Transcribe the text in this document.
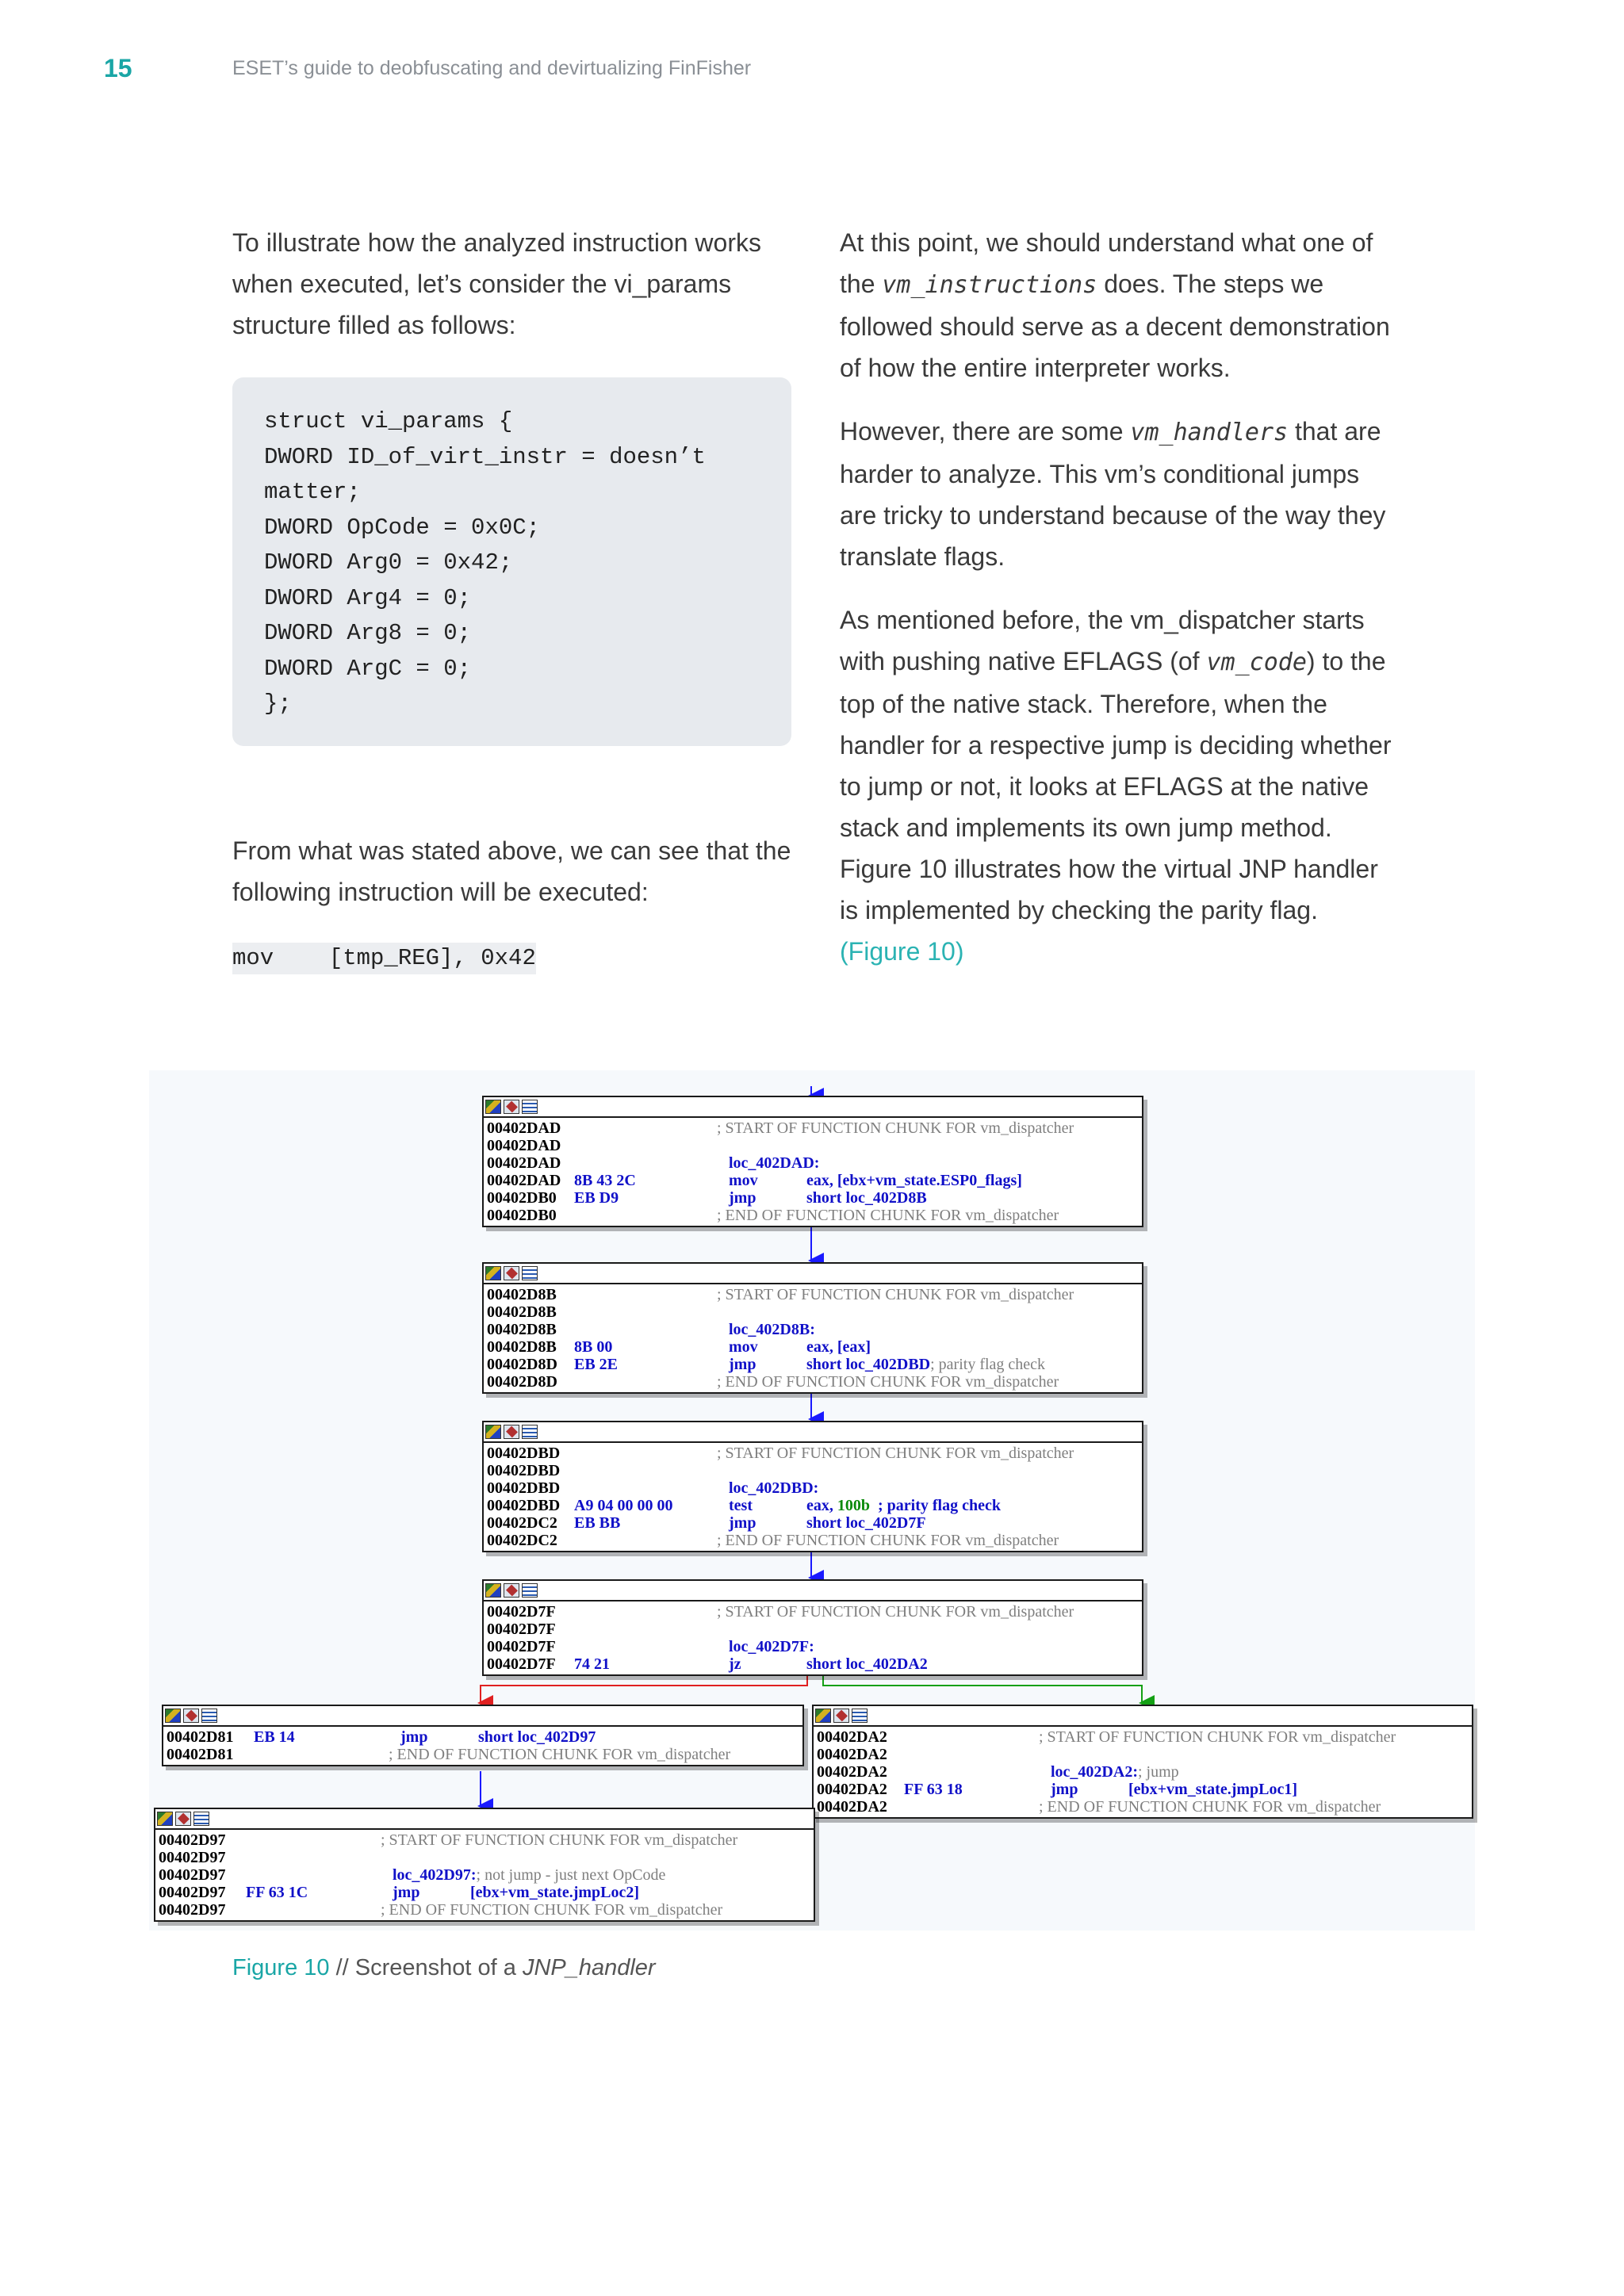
15	ESET’s guide to deobfuscating and devirtualizing FinFisher

To illustrate how the analyzed instruction works when executed, let’s consider the vi_params structure filled as follows:

struct vi_params {
DWORD ID_of_virt_instr = doesn’t matter;
DWORD OpCode = 0x0C;
DWORD Arg0 = 0x42;
DWORD Arg4 = 0;
DWORD Arg8 = 0;
DWORD ArgC = 0;
};

From what was stated above, we can see that the following instruction will be executed:

mov    [tmp_REG], 0x42

At this point, we should understand what one of the vm_instructions does. The steps we followed should serve as a decent demonstration of how the entire interpreter works.

However, there are some vm_handlers that are harder to analyze. This vm’s conditional jumps are tricky to understand because of the way they translate flags.

As mentioned before, the vm_dispatcher starts with pushing native EFLAGS (of vm_code) to the top of the native stack. Therefore, when the handler for a respective jump is deciding whether to jump or not, it looks at EFLAGS at the native stack and implements its own jump method. Figure 10 illustrates how the virtual JNP handler is implemented by checking the parity flag.
(Figure 10)

00402DAD	; START OF FUNCTION CHUNK FOR vm_dispatcher
00402DAD
00402DAD	loc_402DAD:
00402DAD 8B 43 2C	mov	eax, [ebx+vm_state.ESP0_flags]
00402DB0	EB D9	jmp	short loc_402D8B
00402DB0	; END OF FUNCTION CHUNK FOR vm_dispatcher
00402D8B	; START OF FUNCTION CHUNK FOR vm_dispatcher
00402D8B
00402D8B	loc_402D8B:
00402D8B	8B 00	mov	eax, [eax]
00402D8D	EB 2E	jmp	short loc_402DBD ; parity flag check
00402D8D	; END OF FUNCTION CHUNK FOR vm_dispatcher
00402DBD	; START OF FUNCTION CHUNK FOR vm_dispatcher
00402DBD
00402DBD	loc_402DBD:
00402DBD A9 04 00 00 00	test	eax, 100b ; parity flag check
00402DC2	EB BB	jmp	short loc_402D7F
00402DC2	; END OF FUNCTION CHUNK FOR vm_dispatcher
00402D7F	; START OF FUNCTION CHUNK FOR vm_dispatcher
00402D7F
00402D7F	loc_402D7F:
00402D7F	74 21	jz	short loc_402DA2
00402D81	EB 14	jmp	short loc_402D97
00402D81	; END OF FUNCTION CHUNK FOR vm_dispatcher
00402DA2	; START OF FUNCTION CHUNK FOR vm_dispatcher
00402DA2
00402DA2	loc_402DA2: ; jump
00402DA2	FF 63 18	jmp	[ebx+vm_state.jmpLoc1]
00402DA2	; END OF FUNCTION CHUNK FOR vm_dispatcher
00402D97	; START OF FUNCTION CHUNK FOR vm_dispatcher
00402D97
00402D97	loc_402D97: ; not jump - just next OpCode
00402D97	FF 63 1C	jmp	[ebx+vm_state.jmpLoc2]
00402D97	; END OF FUNCTION CHUNK FOR vm_dispatcher
Figure 10 // Screenshot of a JNP_handler
